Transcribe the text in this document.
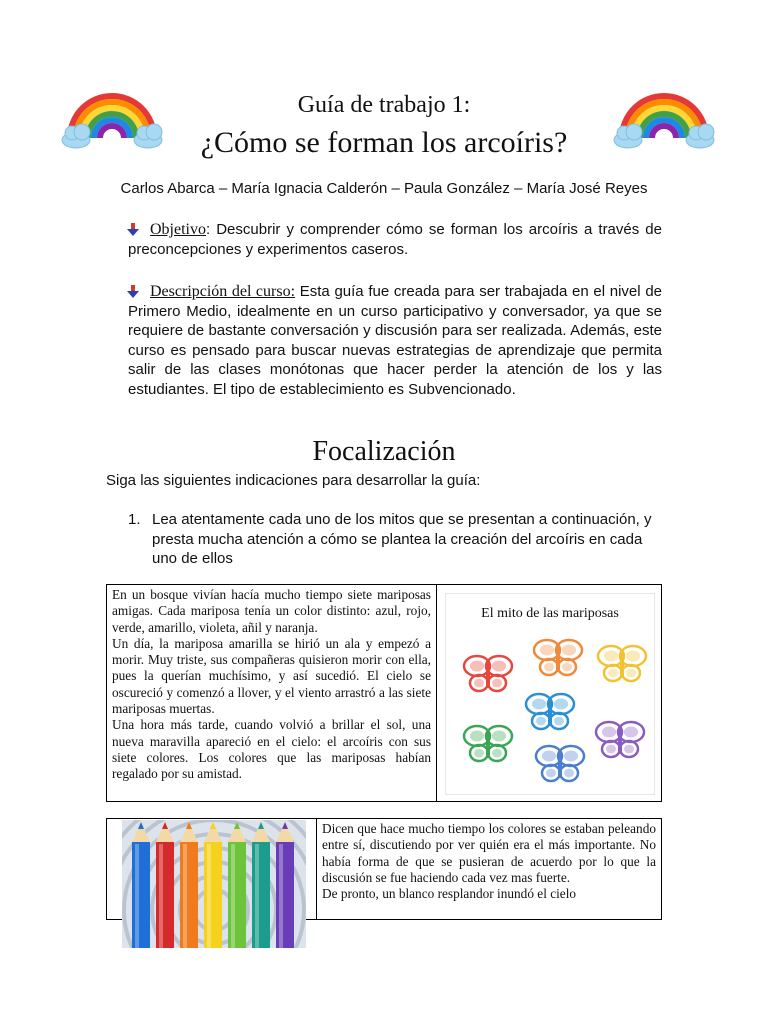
Guía de trabajo 1:
¿Cómo se forman los arcoíris?
Carlos Abarca – María Ignacia Calderón – Paula González – María José Reyes
Objetivo: Descubrir y comprender cómo se forman los arcoíris a través de preconcepciones y experimentos caseros.
Descripción del curso: Esta guía fue creada para ser trabajada en el nivel de Primero Medio, idealmente en un curso participativo y conversador, ya que se requiere de bastante conversación y discusión para ser realizada. Además, este curso es pensado para buscar nuevas estrategias de aprendizaje que permita salir de las clases monótonas que hacer perder la atención de los y las estudiantes. El tipo de establecimiento es Subvencionado.
Focalización
Siga las siguientes indicaciones para desarrollar la guía:
1. Lea atentamente cada uno de los mitos que se presentan a continuación, y presta mucha atención a cómo se plantea la creación del arcoíris en cada uno de ellos
En un bosque vivían hacía mucho tiempo siete mariposas amigas. Cada mariposa tenía un color distinto: azul, rojo, verde, amarillo, violeta, añil y naranja.
Un día, la mariposa amarilla se hirió un ala y empezó a morir. Muy triste, sus compañeras quisieron morir con ella, pues la querían muchísimo, y así sucedió. El cielo se oscureció y comenzó a llover, y el viento arrastró a las siete mariposas muertas.
Una hora más tarde, cuando volvió a brillar el sol, una nueva maravilla apareció en el cielo: el arcoíris con sus siete colores. Los colores que las mariposas habían regalado por su amistad.
El mito de las mariposas
Dicen que hace mucho tiempo los colores se estaban peleando entre sí, discutiendo por ver quién era el más importante. No había forma de que se pusieran de acuerdo por lo que la discusión se fue haciendo cada vez mas fuerte.
De pronto, un blanco resplandor inundó el cielo
